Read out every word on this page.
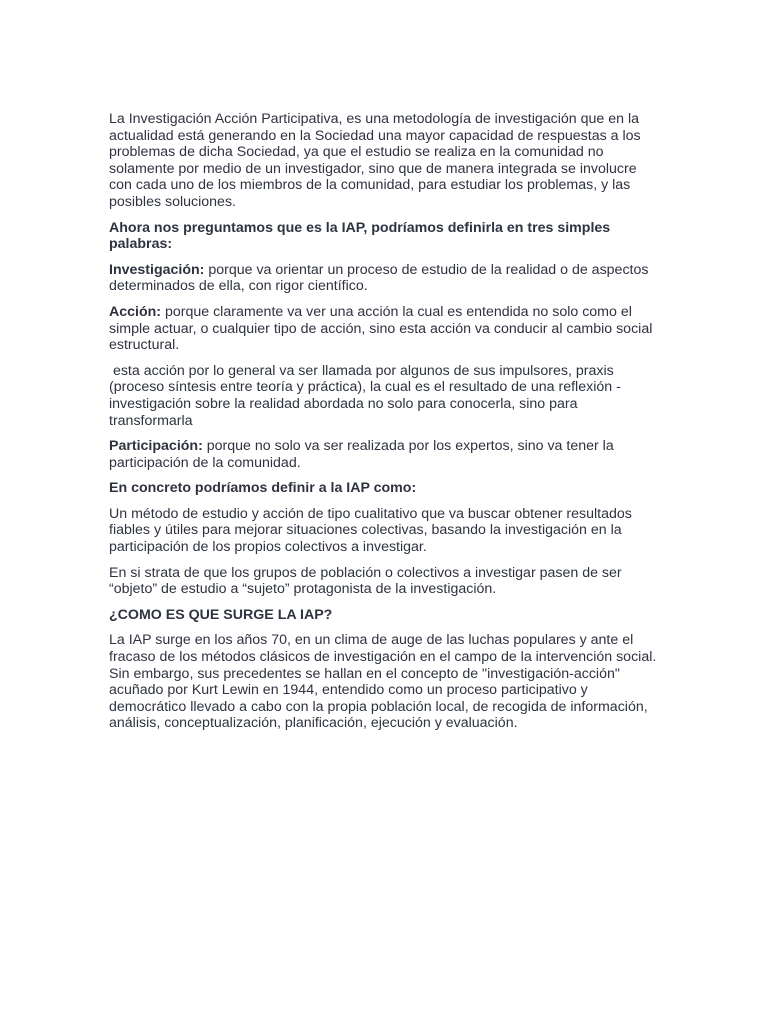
La Investigación Acción Participativa, es una metodología de investigación que en la actualidad está generando en la Sociedad una mayor capacidad de respuestas a los problemas de dicha Sociedad, ya que el estudio se realiza en la comunidad no solamente por medio de un investigador, sino que de manera integrada se involucre con cada uno de los miembros de la comunidad, para estudiar los problemas, y las posibles soluciones.

Ahora nos preguntamos que es la IAP, podríamos definirla en tres simples palabras:

Investigación: porque va orientar un proceso de estudio de la realidad o de aspectos determinados de ella, con rigor científico.

Acción: porque claramente va ver una acción la cual es entendida no solo como el simple actuar, o cualquier tipo de acción, sino esta acción va conducir al cambio social estructural.

esta acción por lo general va ser llamada por algunos de sus impulsores, praxis (proceso síntesis entre teoría y práctica), la cual es el resultado de una reflexión - investigación sobre la realidad abordada no solo para conocerla, sino para transformarla

Participación: porque no solo va ser realizada por los expertos, sino va tener la participación de la comunidad.

En concreto podríamos definir a la IAP como:

Un método de estudio y acción de tipo cualitativo que va buscar obtener resultados fiables y útiles para mejorar situaciones colectivas, basando la investigación en la participación de los propios colectivos a investigar.

En si strata de que los grupos de población o colectivos a investigar pasen de ser “objeto” de estudio a “sujeto” protagonista de la investigación.

¿COMO ES QUE SURGE LA IAP?

La IAP surge en los años 70, en un clima de auge de las luchas populares y ante el fracaso de los métodos clásicos de investigación en el campo de la intervención social. Sin embargo, sus precedentes se hallan en el concepto de "investigación-acción" acuñado por Kurt Lewin en 1944, entendido como un proceso participativo y democrático llevado a cabo con la propia población local, de recogida de información, análisis, conceptualización, planificación, ejecución y evaluación.
